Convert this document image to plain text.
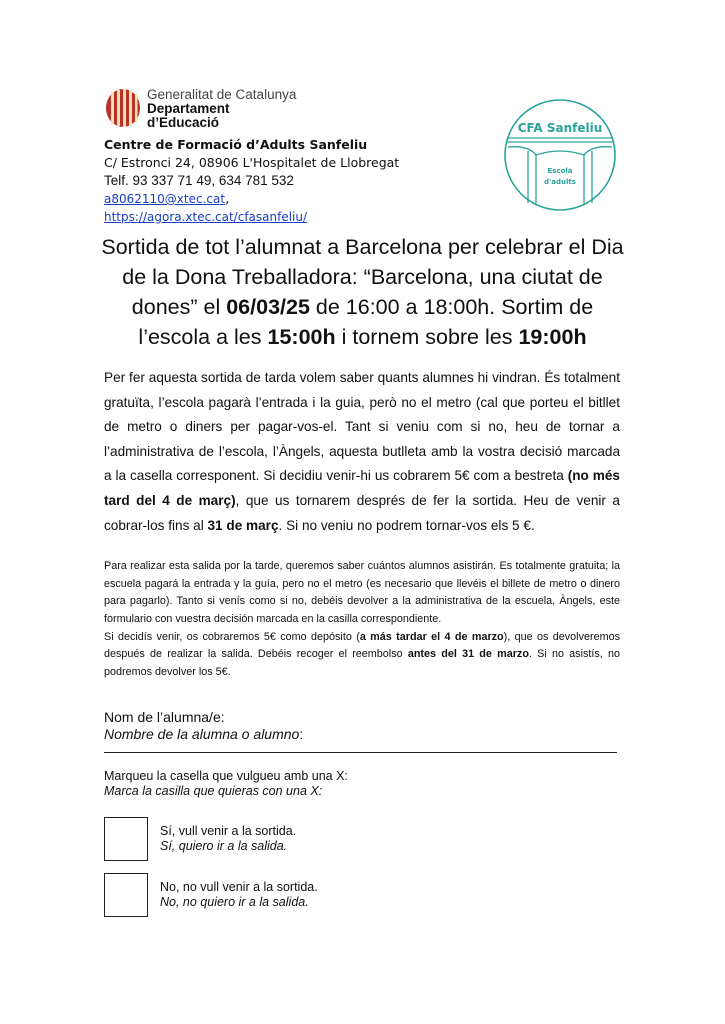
Generalitat de Catalunya
Departament
d’Educació
Centre de Formació d’Adults Sanfeliu
C/ Estronci 24, 08906 L'Hospitalet de Llobregat
Telf. 93 337 71 49, 634 781 532
a8062110@xtec.cat,
https://agora.xtec.cat/cfasanfeliu/
CFA Sanfeliu
Escola
d'adults
Sortida de tot l’alumnat a Barcelona per celebrar el Dia de la Dona Treballadora: “Barcelona, una ciutat de dones” el 06/03/25 de 16:00 a 18:00h. Sortim de l’escola a les 15:00h i tornem sobre les 19:00h
Per fer aquesta sortida de tarda volem saber quants alumnes hi vindran. És totalment gratuïta, l’escola pagarà l’entrada i la guia, però no el metro (cal que porteu el bitllet de metro o diners per pagar-vos-el. Tant si veniu com si no, heu de tornar a l’administrativa de l’escola, l’Àngels, aquesta butlleta amb la vostra decisió marcada a la casella corresponent. Si decidiu venir-hi us cobrarem 5€ com a bestreta (no més tard del 4 de març), que us tornarem després de fer la sortida. Heu de venir a cobrar-los fins al 31 de març. Si no veniu no podrem tornar-vos els 5 €.
Para realizar esta salida por la tarde, queremos saber cuántos alumnos asistirán. Es totalmente gratuita; la escuela pagará la entrada y la guía, pero no el metro (es necesario que llevéis el billete de metro o dinero para pagarlo). Tanto si venís como si no, debéis devolver a la administrativa de la escuela, Àngels, este formulario con vuestra decisión marcada en la casilla correspondiente.
Si decidís venir, os cobraremos 5€ como depósito (a más tardar el 4 de marzo), que os devolveremos después de realizar la salida. Debéis recoger el reembolso antes del 31 de marzo. Si no asistís, no podremos devolver los 5€.
Nom de l’alumna/e:
Nombre de la alumna o alumno:
Marqueu la casella que vulgueu amb una X:
Marca la casilla que quieras con una X:
Sí, vull venir a la sortida.
Sí, quiero ir a la salida.
No, no vull venir a la sortida.
No, no quiero ir a la salida.
